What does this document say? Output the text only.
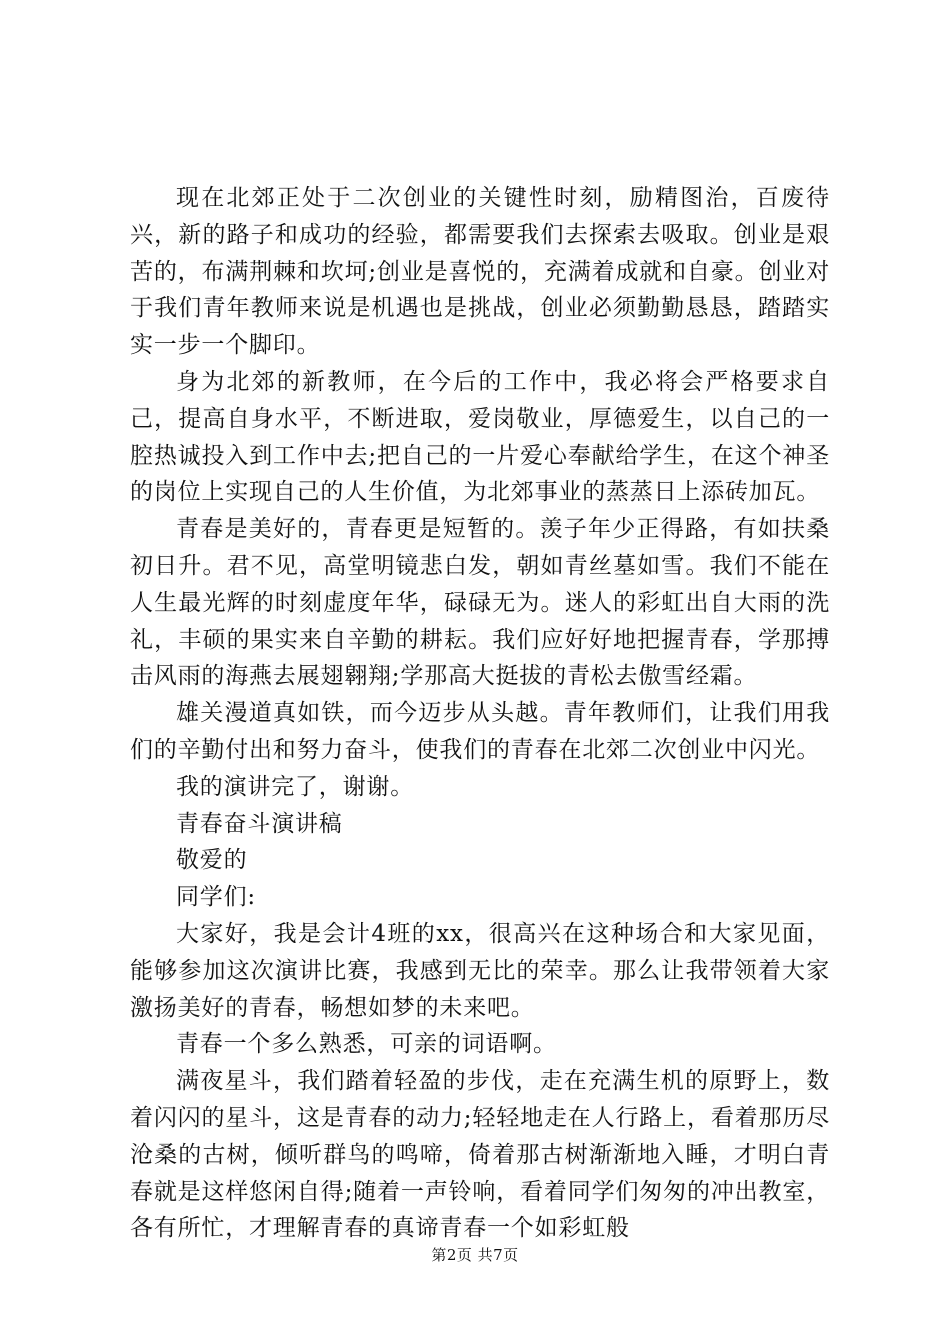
现在北郊正处于二次创业的关键性时刻，励精图治，百废待兴，新的路子和成功的经验，都需要我们去探索去吸取。创业是艰苦的，布满荆棘和坎坷;创业是喜悦的，充满着成就和自豪。创业对于我们青年教师来说是机遇也是挑战，创业必须勤勤恳恳，踏踏实实一步一个脚印。

身为北郊的新教师，在今后的工作中，我必将会严格要求自己，提高自身水平，不断进取，爱岗敬业，厚德爱生，以自己的一腔热诚投入到工作中去;把自己的一片爱心奉献给学生，在这个神圣的岗位上实现自己的人生价值，为北郊事业的蒸蒸日上添砖加瓦。

青春是美好的，青春更是短暂的。羡子年少正得路，有如扶桑初日升。君不见，高堂明镜悲白发，朝如青丝墓如雪。我们不能在人生最光辉的时刻虚度年华，碌碌无为。迷人的彩虹出自大雨的洗礼，丰硕的果实来自辛勤的耕耘。我们应好好地把握青春，学那搏击风雨的海燕去展翅翱翔;学那高大挺拔的青松去傲雪经霜。

雄关漫道真如铁，而今迈步从头越。青年教师们，让我们用我们的辛勤付出和努力奋斗，使我们的青春在北郊二次创业中闪光。

我的演讲完了，谢谢。

青春奋斗演讲稿

敬爱的

同学们:

大家好，我是会计4班的xx，很高兴在这种场合和大家见面，能够参加这次演讲比赛，我感到无比的荣幸。那么让我带领着大家激扬美好的青春，畅想如梦的未来吧。

青春一个多么熟悉，可亲的词语啊。

满夜星斗，我们踏着轻盈的步伐，走在充满生机的原野上，数着闪闪的星斗，这是青春的动力;轻轻地走在人行路上，看着那历尽沧桑的古树，倾听群鸟的鸣啼，倚着那古树渐渐地入睡，才明白青春就是这样悠闲自得;随着一声铃响，看着同学们匆匆的冲出教室，各有所忙，才理解青春的真谛青春一个如彩虹般

第2页 共7页
